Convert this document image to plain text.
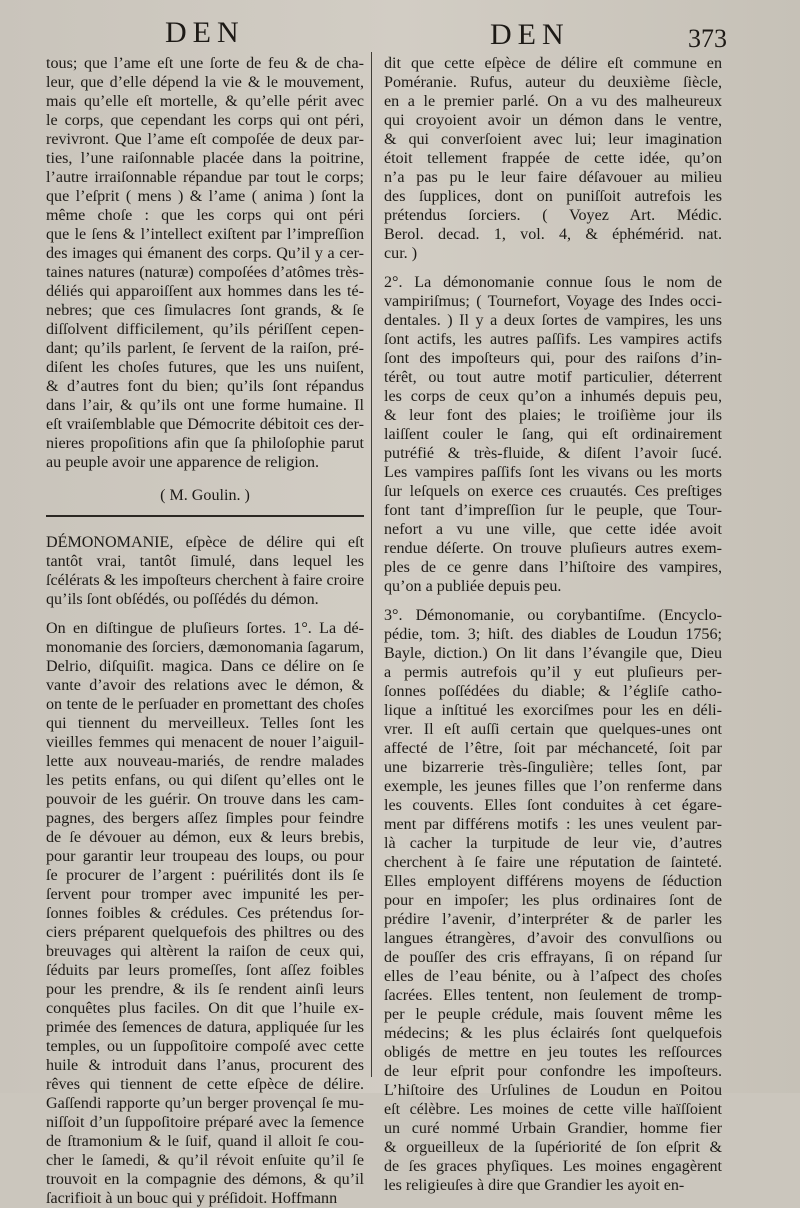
DEN	DEN	373
tous; que l’ame eſt une ſorte de feu & de cha-
leur, que d’elle dépend la vie & le mouvement,
mais qu’elle eſt mortelle, & qu’elle périt avec
le corps, que cependant les corps qui ont péri,
revivront. Que l’ame eſt compoſée de deux par-
ties, l’une raiſonnable placée dans la poitrine,
l’autre irraiſonnable répandue par tout le corps;
que l’eſprit ( mens ) & l’ame ( anima ) ſont la
même choſe : que les corps qui ont péri
que le ſens & l’intellect exiſtent par l’impreſſion
des images qui émanent des corps. Qu’il y a cer-
taines natures (naturæ) compoſées d’atômes très-
déliés qui apparoiſſent aux hommes dans les té-
nebres; que ces ſimulacres ſont grands, & ſe
diſſolvent difficilement, qu’ils périſſent cepen-
dant; qu’ils parlent, ſe ſervent de la raiſon, pré-
diſent les choſes futures, que les uns nuiſent,
& d’autres font du bien; qu’ils ſont répandus
dans l’air, & qu’ils ont une forme humaine. Il
eſt vraiſemblable que Démocrite débitoit ces der-
nieres propoſitions afin que ſa philoſophie parut
au peuple avoir une apparence de religion.
( M. Goulin. )
DÉMONOMANIE, eſpèce de délire qui eſt
tantôt vrai, tantôt ſimulé, dans lequel les
ſcélérats & les impoſteurs cherchent à faire croire
qu’ils ſont obſédés, ou poſſédés du démon.
On en diſtingue de pluſieurs ſortes. 1°. La dé-
monomanie des ſorciers, dæmonomania ſagarum,
Delrio, diſquiſit. magica. Dans ce délire on ſe
vante d’avoir des relations avec le démon, &
on tente de le perſuader en promettant des choſes
qui tiennent du merveilleux. Telles ſont les
vieilles femmes qui menacent de nouer l’aiguil-
lette aux nouveau-mariés, de rendre malades
les petits enfans, ou qui diſent qu’elles ont le
pouvoir de les guérir. On trouve dans les cam-
pagnes, des bergers aſſez ſimples pour feindre
de ſe dévouer au démon, eux & leurs brebis,
pour garantir leur troupeau des loups, ou pour
ſe procurer de l’argent : puérilités dont ils ſe
ſervent pour tromper avec impunité les per-
ſonnes foibles & crédules. Ces prétendus ſor-
ciers préparent quelquefois des philtres ou des
breuvages qui altèrent la raiſon de ceux qui,
ſéduits par leurs promeſſes, ſont aſſez foibles
pour les prendre, & ils ſe rendent ainſi leurs
conquêtes plus faciles. On dit que l’huile ex-
primée des ſemences de datura, appliquée ſur les
temples, ou un ſuppoſitoire compoſé avec cette
huile & introduit dans l’anus, procurent des
rêves qui tiennent de cette eſpèce de délire.
Gaſſendi rapporte qu’un berger provençal ſe mu-
niſſoit d’un ſuppoſitoire préparé avec la ſemence
de ſtramonium & le ſuif, quand il alloit ſe cou-
cher le ſamedi, & qu’il révoit enſuite qu’il ſe
trouvoit en la compagnie des démons, & qu’il
ſacrifioit à un bouc qui y préſidoit. Hoffmann
dit que cette eſpèce de délire eſt commune en
Poméranie. Rufus, auteur du deuxième ſiècle,
en a le premier parlé. On a vu des malheureux
qui croyoient avoir un démon dans le ventre,
& qui converſoient avec lui; leur imagination
étoit tellement frappée de cette idée, qu’on
n’a pas pu le leur faire déſavouer au milieu
des ſupplices, dont on puniſſoit autrefois les
prétendus ſorciers. ( Voyez Art. Médic.
Berol. decad. 1, vol. 4, & éphémérid. nat.
cur. )
2°. La démonomanie connue ſous le nom de
vampiriſmus; ( Tournefort, Voyage des Indes occi-
dentales. ) Il y a deux ſortes de vampires, les uns
ſont actifs, les autres paſſifs. Les vampires actifs
ſont des impoſteurs qui, pour des raiſons d’in-
térêt, ou tout autre motif particulier, déterrent
les corps de ceux qu’on a inhumés depuis peu,
& leur font des plaies; le troiſième jour ils
laiſſent couler le ſang, qui eſt ordinairement
putréfié & très-fluide, & diſent l’avoir ſucé.
Les vampires paſſifs ſont les vivans ou les morts
ſur leſquels on exerce ces cruautés. Ces preſtiges
font tant d’impreſſion ſur le peuple, que Tour-
nefort a vu une ville, que cette idée avoit
rendue déſerte. On trouve pluſieurs autres exem-
ples de ce genre dans l’hiſtoire des vampires,
qu’on a publiée depuis peu.
3°. Démonomanie, ou corybantiſme. (Encyclo-
pédie, tom. 3; hiſt. des diables de Loudun 1756;
Bayle, diction.) On lit dans l’évangile que, Dieu
a permis autrefois qu’il y eut pluſieurs per-
ſonnes poſſédées du diable; & l’égliſe catho-
lique a inſtitué les exorciſmes pour les en déli-
vrer. Il eſt auſſi certain que quelques-unes ont
affecté de l’être, ſoit par méchanceté, ſoit par
une bizarrerie très-ſingulière; telles ſont, par
exemple, les jeunes filles que l’on renferme dans
les couvents. Elles ſont conduites à cet égare-
ment par différens motifs : les unes veulent par-
là cacher la turpitude de leur vie, d’autres
cherchent à ſe faire une réputation de ſainteté.
Elles employent différens moyens de ſéduction
pour en impoſer; les plus ordinaires ſont de
prédire l’avenir, d’interpréter & de parler les
langues étrangères, d’avoir des convulſions ou
de pouſſer des cris effrayans, ſi on répand ſur
elles de l’eau bénite, ou à l’aſpect des choſes
ſacrées. Elles tentent, non ſeulement de tromp-
per le peuple crédule, mais ſouvent même les
médecins; & les plus éclairés ſont quelquefois
obligés de mettre en jeu toutes les reſſources
de leur eſprit pour confondre les impoſteurs.
L’hiſtoire des Urſulines de Loudun en Poitou
eſt célèbre. Les moines de cette ville haïſſoient
un curé nommé Urbain Grandier, homme fier
& orgueilleux de la ſupériorité de ſon eſprit &
de ſes graces phyſiques. Les moines engagèrent
les religieuſes à dire que Grandier les ayoit en-
